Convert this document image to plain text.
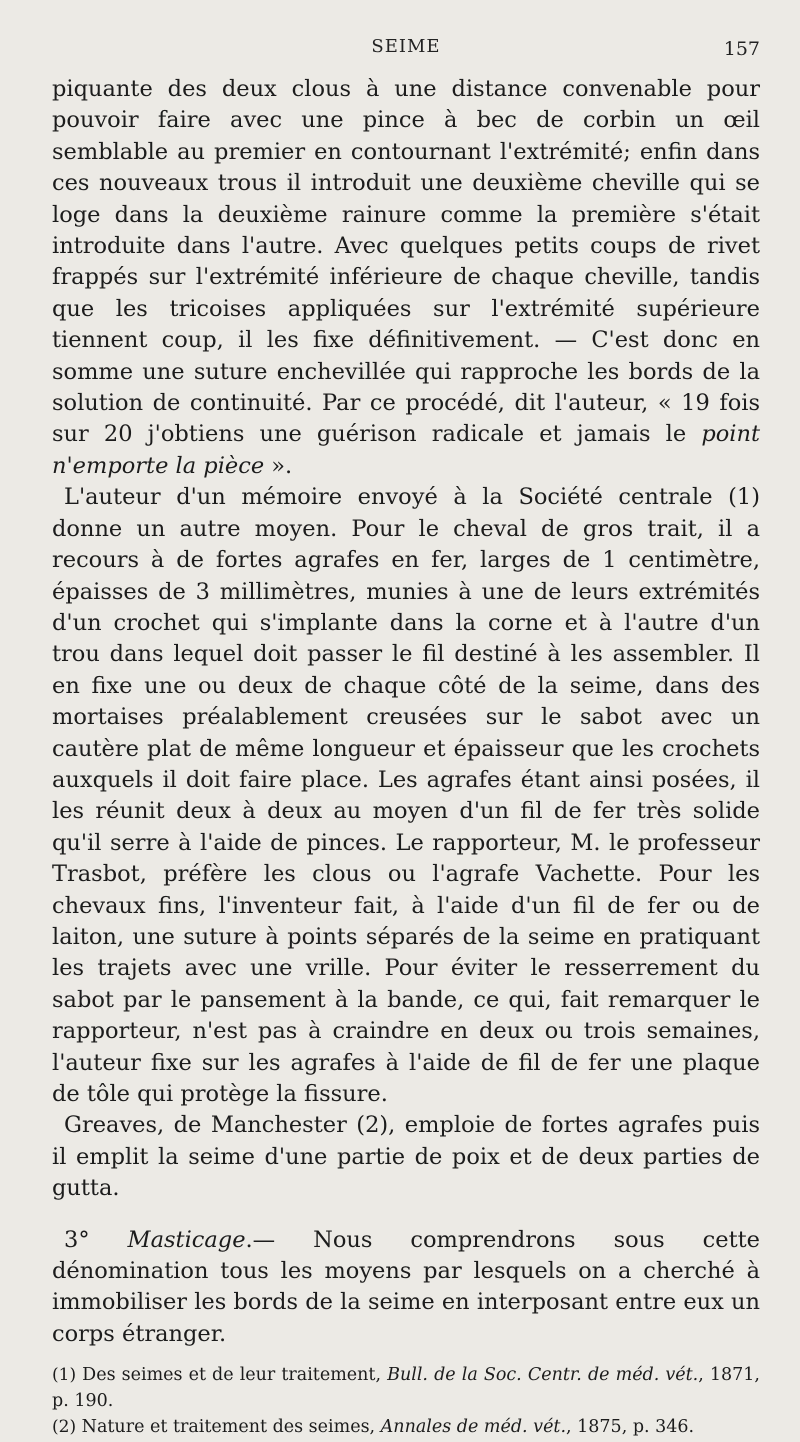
SEIME	157

piquante des deux clous à une distance convenable pour pouvoir faire avec une pince à bec de corbin un œil semblable au premier en contournant l'extrémité; enfin dans ces nouveaux trous il introduit une deuxième cheville qui se loge dans la deuxième rainure comme la première s'était introduite dans l'autre. Avec quelques petits coups de rivet frappés sur l'extrémité inférieure de chaque cheville, tandis que les tricoises appliquées sur l'extrémité supérieure tiennent coup, il les fixe définitivement. — C'est donc en somme une suture enchevillée qui rapproche les bords de la solution de continuité. Par ce procédé, dit l'auteur, « 19 fois sur 20 j'obtiens une guérison radicale et jamais le point n'emporte la pièce ».

L'auteur d'un mémoire envoyé à la Société centrale (1) donne un autre moyen. Pour le cheval de gros trait, il a recours à de fortes agrafes en fer, larges de 1 centimètre, épaisses de 3 millimètres, munies à une de leurs extrémités d'un crochet qui s'implante dans la corne et à l'autre d'un trou dans lequel doit passer le fil destiné à les assembler. Il en fixe une ou deux de chaque côté de la seime, dans des mortaises préalablement creusées sur le sabot avec un cautère plat de même longueur et épaisseur que les crochets auxquels il doit faire place. Les agrafes étant ainsi posées, il les réunit deux à deux au moyen d'un fil de fer très solide qu'il serre à l'aide de pinces. Le rapporteur, M. le professeur Trasbot, préfère les clous ou l'agrafe Vachette. Pour les chevaux fins, l'inventeur fait, à l'aide d'un fil de fer ou de laiton, une suture à points séparés de la seime en pratiquant les trajets avec une vrille. Pour éviter le resserrement du sabot par le pansement à la bande, ce qui, fait remarquer le rapporteur, n'est pas à craindre en deux ou trois semaines, l'auteur fixe sur les agrafes à l'aide de fil de fer une plaque de tôle qui protège la fissure.

Greaves, de Manchester (2), emploie de fortes agrafes puis il emplit la seime d'une partie de poix et de deux parties de gutta.

3° Masticage.— Nous comprendrons sous cette dénomination tous les moyens par lesquels on a cherché à immobiliser les bords de la seime en interposant entre eux un corps étranger.

(1) Des seimes et de leur traitement, Bull. de la Soc. Centr. de méd. vét., 1871, p. 190.

(2) Nature et traitement des seimes, Annales de méd. vét., 1875, p. 346.
